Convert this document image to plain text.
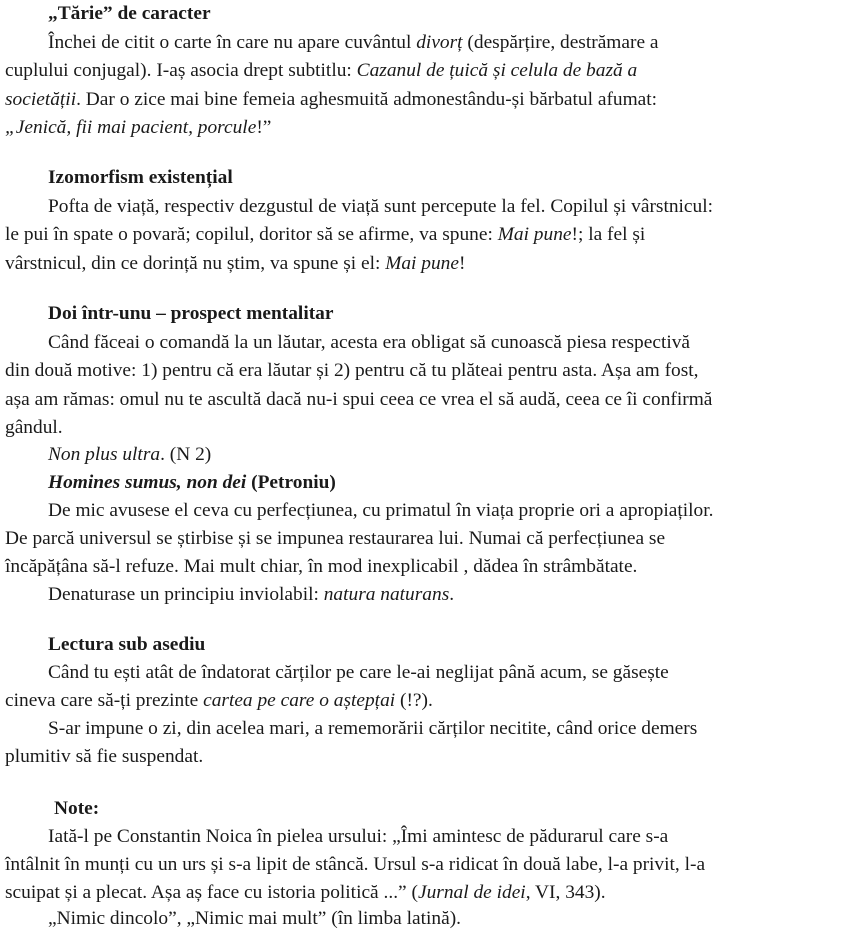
„Tărie” de caracter
Închei de citit o carte în care nu apare cuvântul divorț (despărțire, destrămare a
cuplului conjugal). I-aș asocia drept subtitlu: Cazanul de țuică și celula de bază a
societății. Dar o zice mai bine femeia aghesmuită admonestându-și bărbatul afumat:
„Jenică, fii mai pacient, porcule!”
Izomorfism existențial
Pofta de viață, respectiv dezgustul de viață sunt percepute la fel. Copilul și vârstnicul:
le pui în spate o povară; copilul, doritor să se afirme, va spune: Mai pune!; la fel și
vârstnicul, din ce dorință nu știm, va spune și el: Mai pune!
Doi într-unu – prospect mentalitar
Când făceai o comandă la un lăutar, acesta era obligat să cunoască piesa respectivă
din două motive: 1) pentru că era lăutar și 2) pentru că tu plăteai pentru asta. Așa am fost,
așa am rămas: omul nu te ascultă dacă nu-i spui ceea ce vrea el să audă, ceea ce îi confirmă
gândul.
Non plus ultra. (N 2)
Homines sumus, non dei (Petroniu)
De mic avusese el ceva cu perfecțiunea, cu primatul în viața proprie ori a apropiaților.
De parcă universul se știrbise și se impunea restaurarea lui. Numai că perfecțiunea se
încăpățâna să-l refuze. Mai mult chiar, în mod inexplicabil , dădea în strâmbătate.
Denaturase un principiu inviolabil: natura naturans.
Lectura sub asediu
Când tu ești atât de îndatorat cărților pe care le-ai neglijat până acum, se găsește
cineva care să-ți prezinte cartea pe care o aștepțai (!?).
S-ar impune o zi, din acelea mari, a rememorării cărților necitite, când orice demers
plumitiv să fie suspendat.
Note:
Iată-l pe Constantin Noica în pielea ursului: „Îmi amintesc de pădurarul care s-a
întâlnit în munți cu un urs și s-a lipit de stâncă. Ursul s-a ridicat în două labe, l-a privit, l-a
scuipat și a plecat. Așa aș face cu istoria politică ...” (Jurnal de idei, VI, 343).
„Nimic dincolo”, „Nimic mai mult” (în limba latină).
